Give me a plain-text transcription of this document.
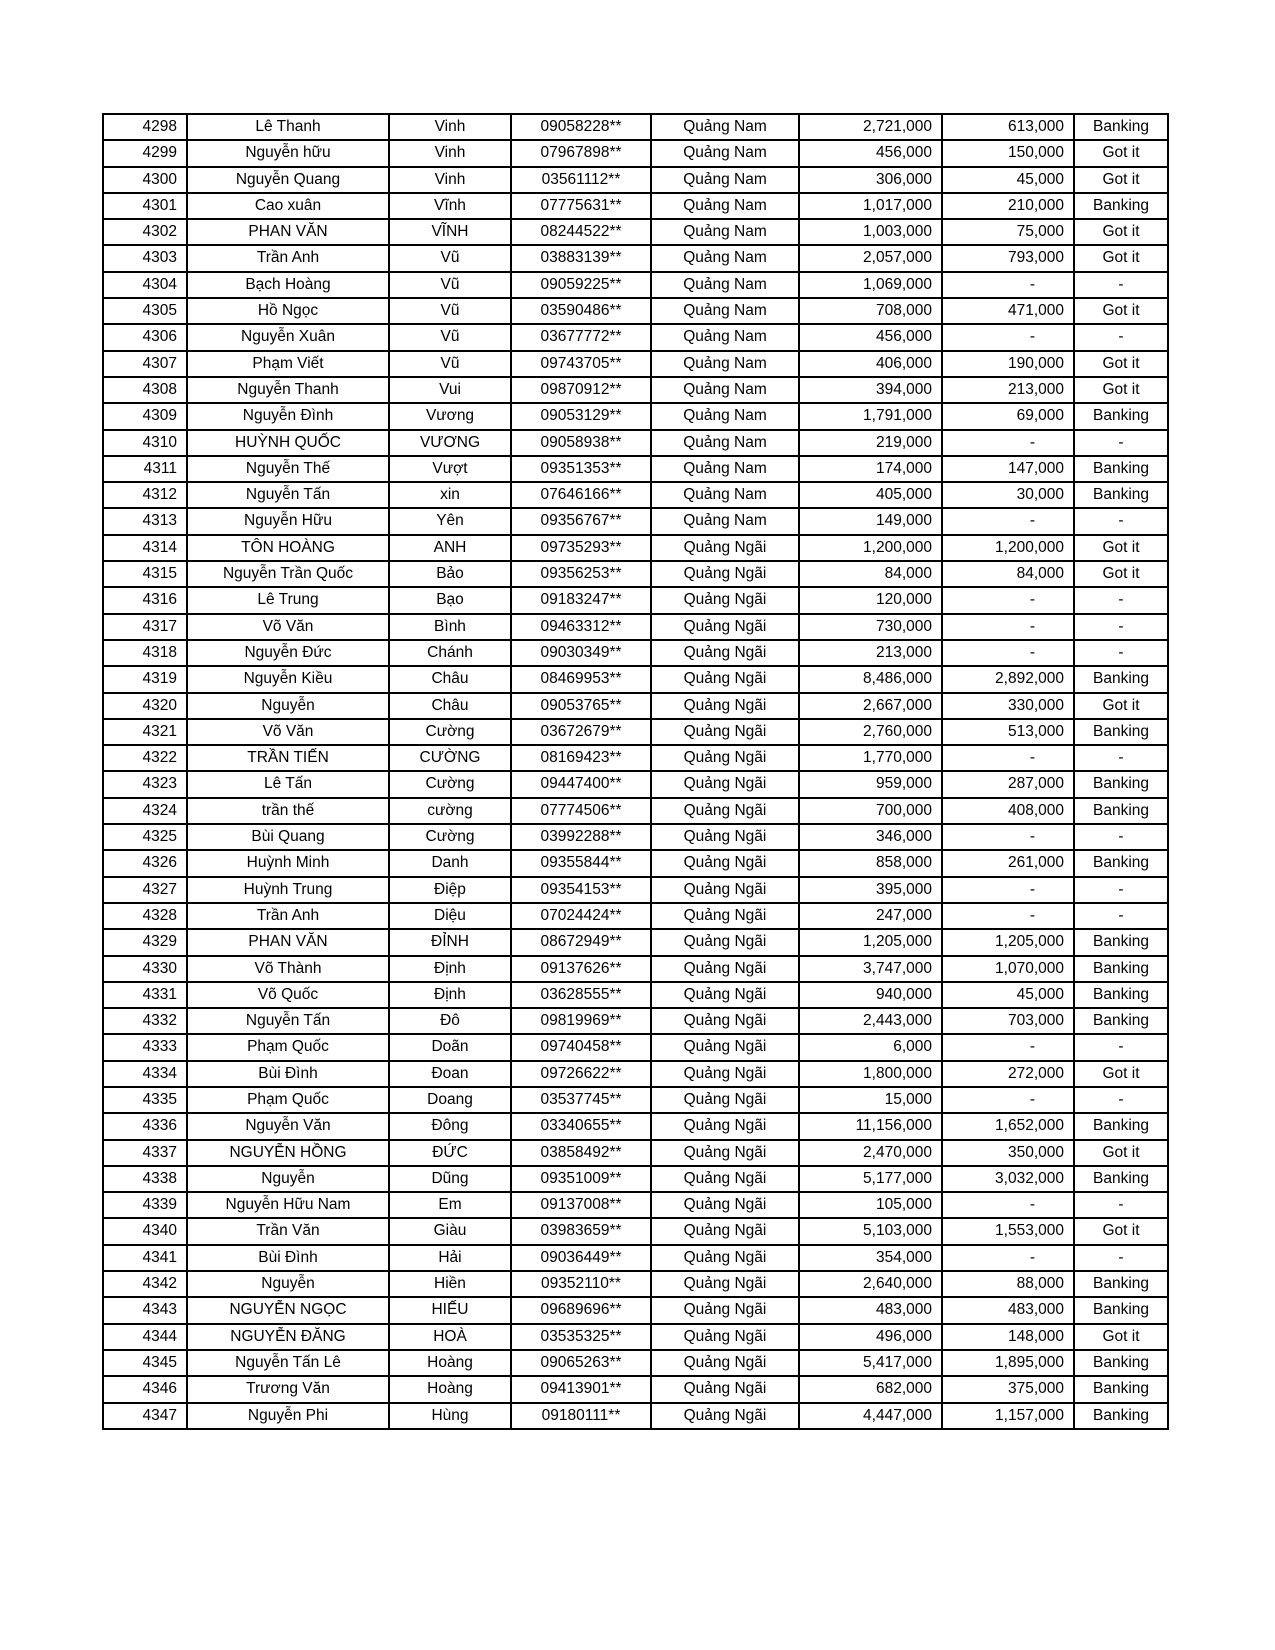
4298	Lê Thanh	Vinh	09058228**	Quảng Nam	2,721,000	613,000	Banking
4299	Nguyễn hữu	Vinh	07967898**	Quảng Nam	456,000	150,000	Got it
4300	Nguyễn Quang	Vinh	03561112**	Quảng Nam	306,000	45,000	Got it
4301	Cao xuân	Vĩnh	07775631**	Quảng Nam	1,017,000	210,000	Banking
4302	PHAN VĂN	VĨNH	08244522**	Quảng Nam	1,003,000	75,000	Got it
4303	Trần Anh	Vũ	03883139**	Quảng Nam	2,057,000	793,000	Got it
4304	Bạch Hoàng	Vũ	09059225**	Quảng Nam	1,069,000	-	-
4305	Hồ Ngọc	Vũ	03590486**	Quảng Nam	708,000	471,000	Got it
4306	Nguyễn Xuân	Vũ	03677772**	Quảng Nam	456,000	-	-
4307	Phạm Viết	Vũ	09743705**	Quảng Nam	406,000	190,000	Got it
4308	Nguyễn Thanh	Vui	09870912**	Quảng Nam	394,000	213,000	Got it
4309	Nguyễn Đình	Vương	09053129**	Quảng Nam	1,791,000	69,000	Banking
4310	HUỲNH QUỐC	VƯƠNG	09058938**	Quảng Nam	219,000	-	-
4311	Nguyễn Thế	Vượt	09351353**	Quảng Nam	174,000	147,000	Banking
4312	Nguyễn Tấn	xin	07646166**	Quảng Nam	405,000	30,000	Banking
4313	Nguyễn Hữu	Yên	09356767**	Quảng Nam	149,000	-	-
4314	TÔN HOÀNG	ANH	09735293**	Quảng Ngãi	1,200,000	1,200,000	Got it
4315	Nguyễn Trần Quốc	Bảo	09356253**	Quảng Ngãi	84,000	84,000	Got it
4316	Lê Trung	Bạo	09183247**	Quảng Ngãi	120,000	-	-
4317	Võ Văn	Bình	09463312**	Quảng Ngãi	730,000	-	-
4318	Nguyễn Đức	Chánh	09030349**	Quảng Ngãi	213,000	-	-
4319	Nguyễn Kiều	Châu	08469953**	Quảng Ngãi	8,486,000	2,892,000	Banking
4320	Nguyễn	Châu	09053765**	Quảng Ngãi	2,667,000	330,000	Got it
4321	Võ Văn	Cường	03672679**	Quảng Ngãi	2,760,000	513,000	Banking
4322	TRẦN TIẾN	CƯỜNG	08169423**	Quảng Ngãi	1,770,000	-	-
4323	Lê Tấn	Cường	09447400**	Quảng Ngãi	959,000	287,000	Banking
4324	trần thế	cường	07774506**	Quảng Ngãi	700,000	408,000	Banking
4325	Bùi Quang	Cường	03992288**	Quảng Ngãi	346,000	-	-
4326	Huỳnh Minh	Danh	09355844**	Quảng Ngãi	858,000	261,000	Banking
4327	Huỳnh Trung	Điệp	09354153**	Quảng Ngãi	395,000	-	-
4328	Trần Anh	Diệu	07024424**	Quảng Ngãi	247,000	-	-
4329	PHAN VĂN	ĐỈNH	08672949**	Quảng Ngãi	1,205,000	1,205,000	Banking
4330	Võ Thành	Định	09137626**	Quảng Ngãi	3,747,000	1,070,000	Banking
4331	Võ Quốc	Định	03628555**	Quảng Ngãi	940,000	45,000	Banking
4332	Nguyễn Tấn	Đô	09819969**	Quảng Ngãi	2,443,000	703,000	Banking
4333	Phạm Quốc	Doãn	09740458**	Quảng Ngãi	6,000	-	-
4334	Bùi Đình	Đoan	09726622**	Quảng Ngãi	1,800,000	272,000	Got it
4335	Phạm Quốc	Doang	03537745**	Quảng Ngãi	15,000	-	-
4336	Nguyễn Văn	Đông	03340655**	Quảng Ngãi	11,156,000	1,652,000	Banking
4337	NGUYỄN HỒNG	ĐỨC	03858492**	Quảng Ngãi	2,470,000	350,000	Got it
4338	Nguyễn	Dũng	09351009**	Quảng Ngãi	5,177,000	3,032,000	Banking
4339	Nguyễn Hữu Nam	Em	09137008**	Quảng Ngãi	105,000	-	-
4340	Trần Văn	Giàu	03983659**	Quảng Ngãi	5,103,000	1,553,000	Got it
4341	Bùi Đình	Hải	09036449**	Quảng Ngãi	354,000	-	-
4342	Nguyễn	Hiền	09352110**	Quảng Ngãi	2,640,000	88,000	Banking
4343	NGUYỄN NGỌC	HIẾU	09689696**	Quảng Ngãi	483,000	483,000	Banking
4344	NGUYỄN ĐĂNG	HOÀ	03535325**	Quảng Ngãi	496,000	148,000	Got it
4345	Nguyễn Tấn Lê	Hoàng	09065263**	Quảng Ngãi	5,417,000	1,895,000	Banking
4346	Trương Văn	Hoàng	09413901**	Quảng Ngãi	682,000	375,000	Banking
4347	Nguyễn Phi	Hùng	09180111**	Quảng Ngãi	4,447,000	1,157,000	Banking
